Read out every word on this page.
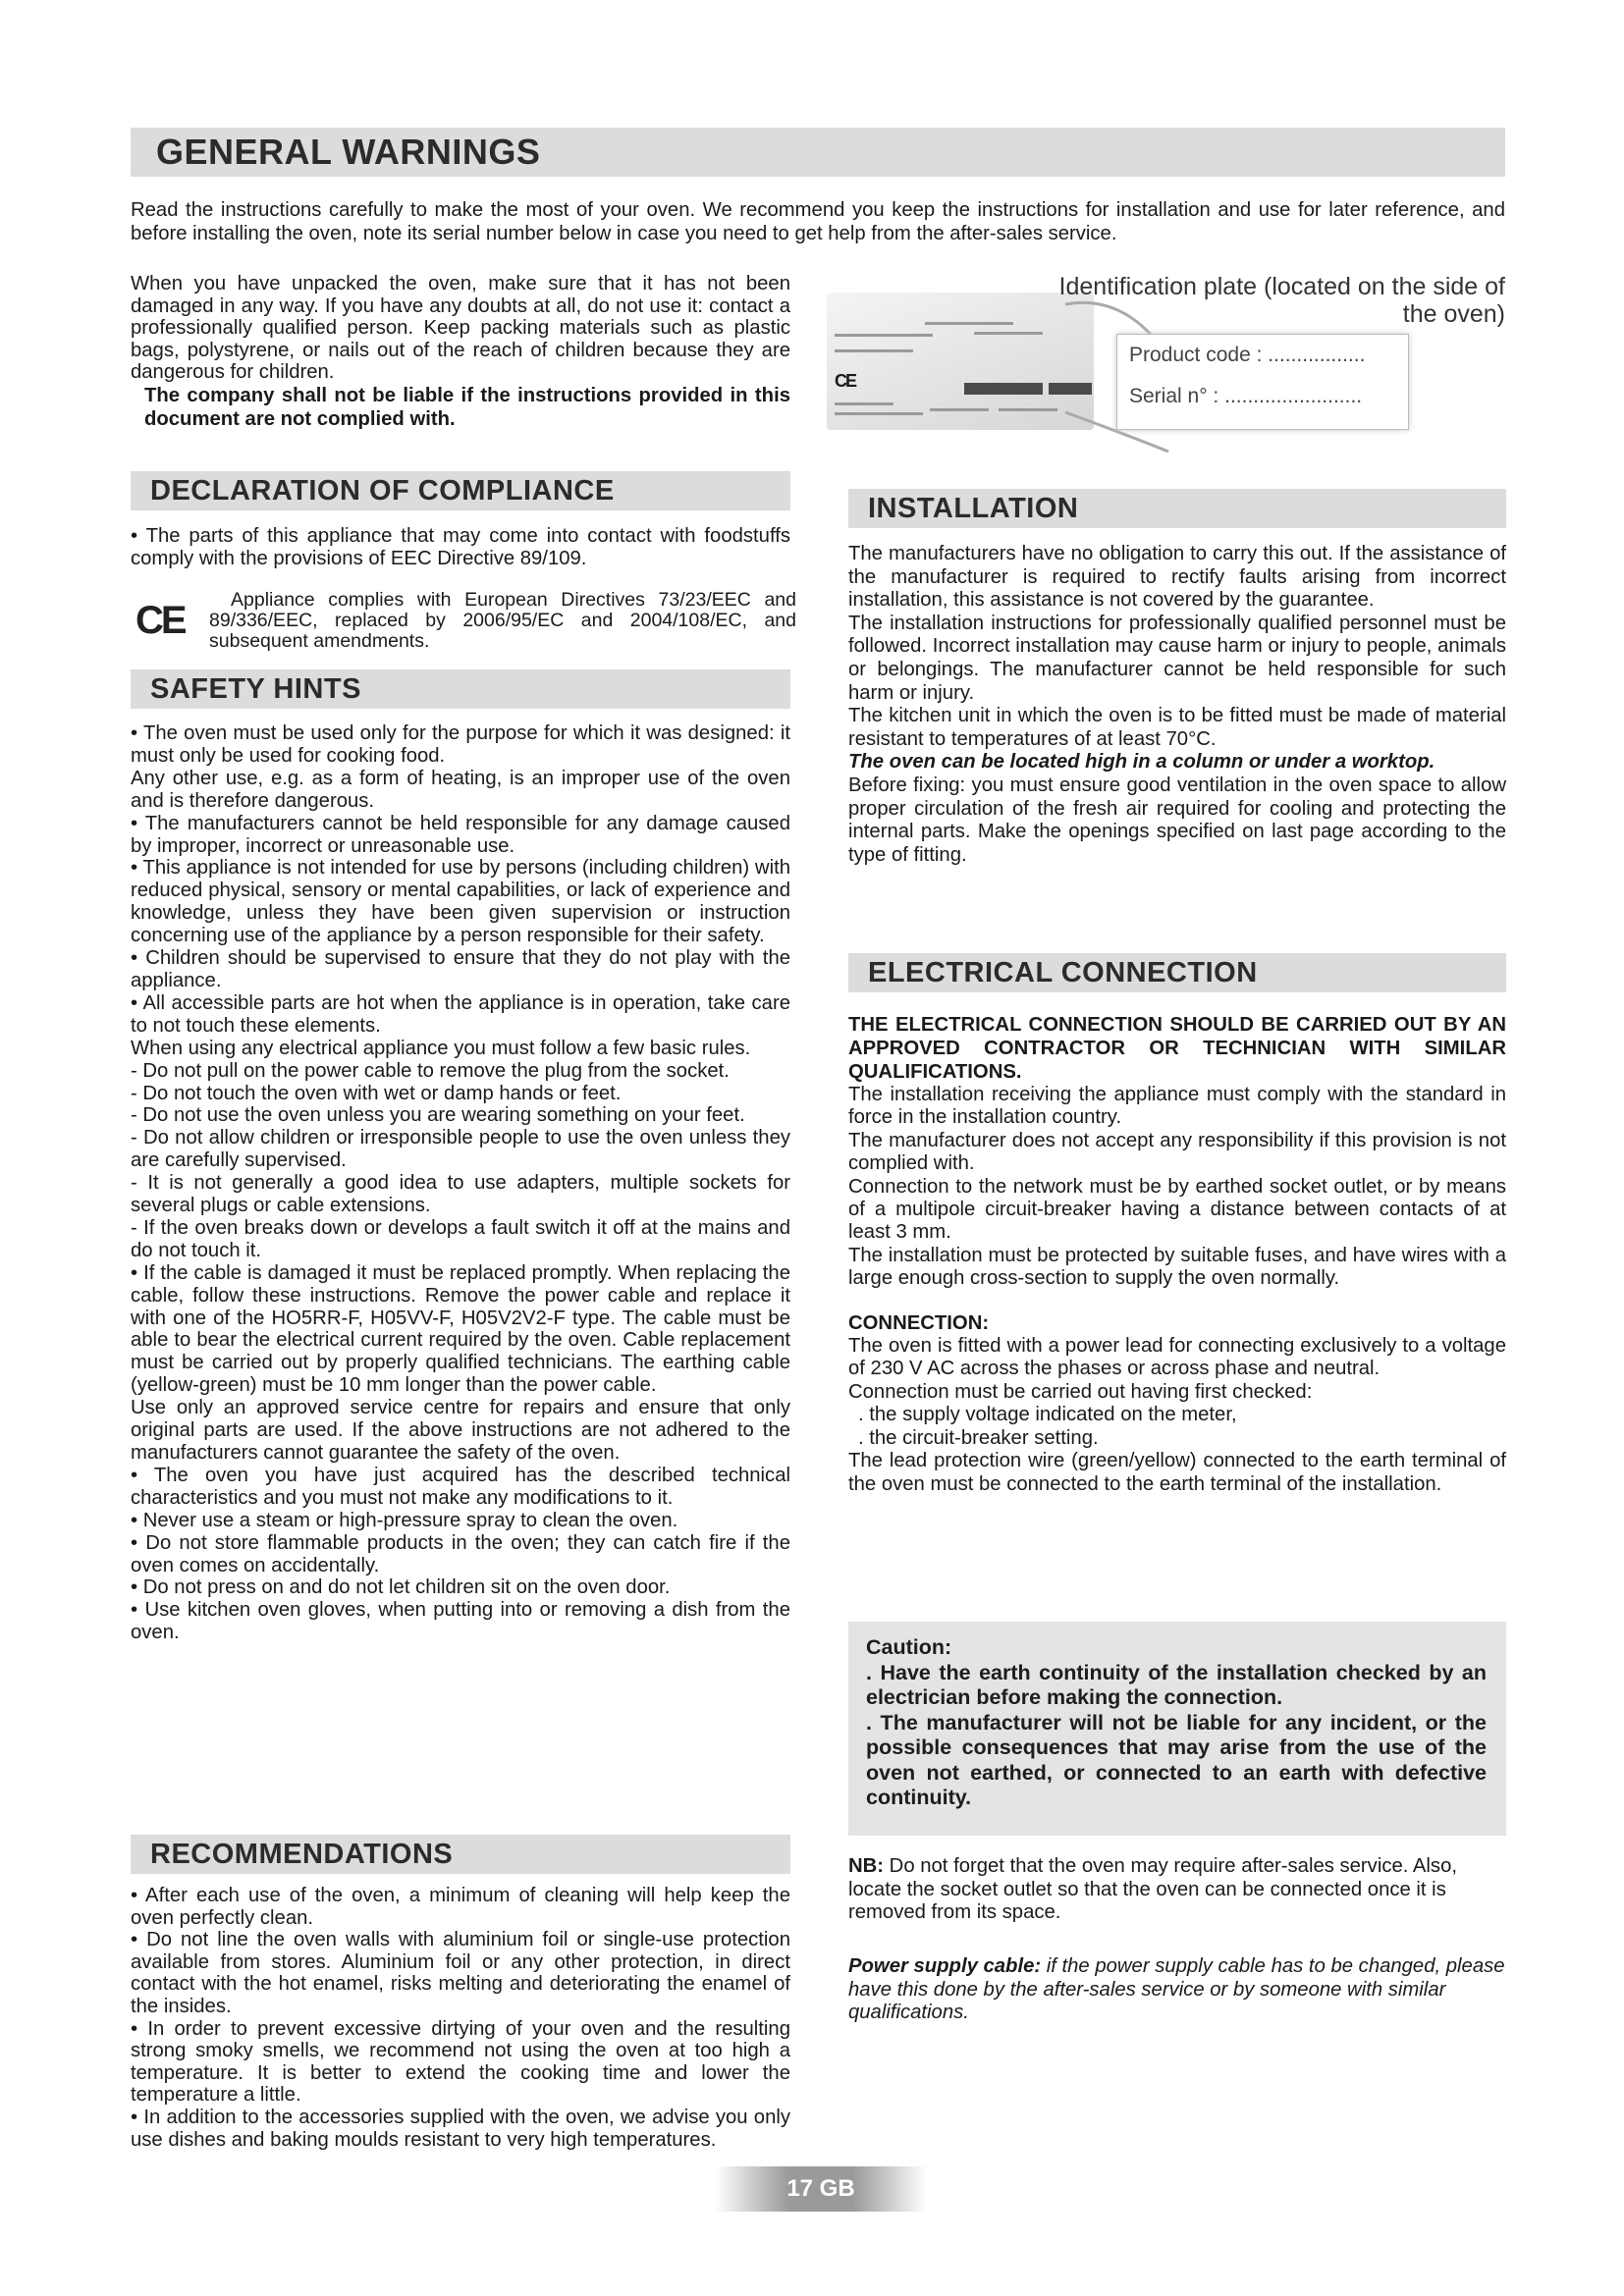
GENERAL WARNINGS
Read the instructions carefully to make the most of your oven. We recommend you keep the instructions for installation and use for later reference, and before installing the oven, note its serial number below in case you need to get help from the after-sales service.

When you have unpacked the oven, make sure that it has not been damaged in any way. If you have any doubts at all, do not use it: contact a professionally qualified person. Keep packing materials such as plastic bags, polystyrene, or nails out of the reach of children because they are dangerous for children.

The company shall not be liable if the instructions provided in this document are not complied with.

CE
Identification plate (located on the side of the oven)
Product code : .................
Serial n° : ........................
DECLARATION OF COMPLIANCE
• The parts of this appliance that may come into contact with foodstuffs comply with the provisions of EEC Directive 89/109.
CE	Appliance complies with European Directives 73/23/EEC and 89/336/EEC, replaced by 2006/95/EC and 2004/108/EC, and subsequent amendments.
SAFETY HINTS

• The oven must be used only for the purpose for which it was designed: it must only be used for cooking food.

Any other use, e.g. as a form of heating, is an improper use of the oven and is therefore dangerous.

• The manufacturers cannot be held responsible for any damage caused by improper, incorrect or unreasonable use.

• This appliance is not intended for use by persons (including children) with reduced physical, sensory or mental capabilities, or lack of experience and knowledge, unless they have been given supervision or instruction concerning use of the appliance by a person responsible for their safety.

• Children should be supervised to ensure that they do not play with the appliance.

• All accessible parts are hot when the appliance is in operation, take care to not touch these elements.

When using any electrical appliance you must follow a few basic rules.

- Do not pull on the power cable to remove the plug from the socket.

- Do not touch the oven with wet or damp hands or feet.

- Do not use the oven unless you are wearing something on your feet.

- Do not allow children or irresponsible people to use the oven unless they are carefully supervised.

- It is not generally a good idea to use adapters, multiple sockets for several plugs or cable extensions.

- If the oven breaks down or develops a fault switch it off at the mains and do not touch it.

• If the cable is damaged it must be replaced promptly. When replacing the cable, follow these instructions. Remove the power cable and replace it with one of the HO5RR-F, H05VV-F, H05V2V2-F type. The cable must be able to bear the electrical current required by the oven. Cable replacement must be carried out by properly qualified technicians. The earthing cable (yellow-green) must be 10 mm longer than the power cable.

Use only an approved service centre for repairs and ensure that only original parts are used. If the above instructions are not adhered to the manufacturers cannot guarantee the safety of the oven.

• The oven you have just acquired has the described technical characteristics and you must not make any modifications to it.

• Never use a steam or high-pressure spray to clean the oven.

• Do not store flammable products in the oven; they can catch fire if the oven comes on accidentally.

• Do not press on and do not let children sit on the oven door.

• Use kitchen oven gloves, when putting into or removing a dish from the oven.

RECOMMENDATIONS

• After each use of the oven, a minimum of cleaning will help keep the oven perfectly clean.

• Do not line the oven walls with aluminium foil or single-use protection available from stores. Aluminium foil or any other protection, in direct contact with the hot enamel, risks melting and deteriorating the enamel of the insides.

• In order to prevent excessive dirtying of your oven and the resulting strong smoky smells, we recommend not using the oven at too high a temperature. It is better to extend the cooking time and lower the temperature a little.

• In addition to the accessories supplied with the oven, we advise you only use dishes and baking moulds resistant to very high temperatures.

INSTALLATION

The manufacturers have no obligation to carry this out. If the assistance of the manufacturer is required to rectify faults arising from incorrect installation, this assistance is not covered by the guarantee.

The installation instructions for professionally qualified personnel must be followed. Incorrect installation may cause harm or injury to people, animals or belongings. The manufacturer cannot be held responsible for such harm or injury.

The kitchen unit in which the oven is to be fitted must be made of material resistant to temperatures of at least 70°C.

The oven can be located high in a column or under a worktop.

Before fixing: you must ensure good ventilation in the oven space to allow proper circulation of the fresh air required for cooling and protecting the internal parts. Make the openings specified on last page according to the type of fitting.

ELECTRICAL CONNECTION

THE ELECTRICAL CONNECTION SHOULD BE CARRIED OUT BY AN APPROVED CONTRACTOR OR TECHNICIAN WITH SIMILAR QUALIFICATIONS.

The installation receiving the appliance must comply with the standard in force in the installation country.

The manufacturer does not accept any responsibility if this provision is not complied with.

Connection to the network must be by earthed socket outlet, or by means of a multipole circuit-breaker having a distance between contacts of at least 3 mm.

The installation must be protected by suitable fuses, and have wires with a large enough cross-section to supply the oven normally.

CONNECTION:

The oven is fitted with a power lead for connecting exclusively to a voltage of 230 V AC across the phases or across phase and neutral.

Connection must be carried out having first checked:

. the supply voltage indicated on the meter,

. the circuit-breaker setting.

The lead protection wire (green/yellow) connected to the earth terminal of the oven must be connected to the earth terminal of the installation.

Caution:
. Have the earth continuity of the installation checked by an electrician before making the connection.
. The manufacturer will not be liable for any incident, or the possible consequences that may arise from the use of the oven not earthed, or connected to an earth with defective continuity.
NB: Do not forget that the oven may require after-sales service. Also, locate the socket outlet so that the oven can be connected once it is removed from its space.
Power supply cable: if the power supply cable has to be changed, please have this done by the after-sales service or by someone with similar qualifications.
17 GB
